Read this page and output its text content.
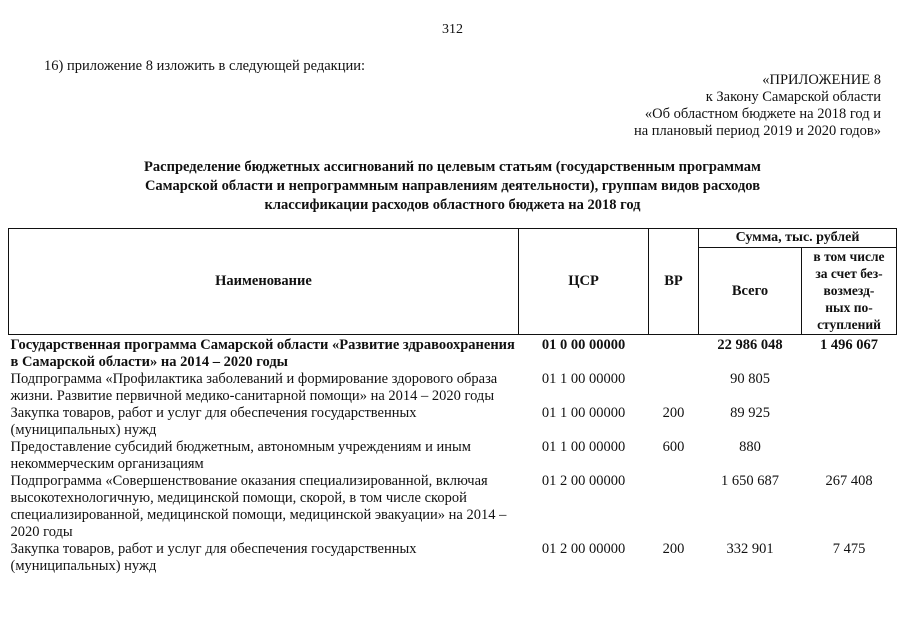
312
16) приложение 8 изложить в следующей редакции:
«ПРИЛОЖЕНИЕ 8
к Закону Самарской области
«Об областном бюджете на 2018 год и
на плановый период 2019 и 2020 годов»
Распределение бюджетных ассигнований по целевым статьям (государственным программам
Самарской области и непрограммным направлениям деятельности), группам видов расходов
классификации расходов областного бюджета на 2018 год
Наименование	ЦСР	ВР	Сумма, тыс. рублей	
			Всего	в том числе
за счет без-
возмезд-
ных по-
ступлений

Государственная программа Самарской области «Развитие здравоохранения в Самарской области» на 2014 – 2020 годы	01 0 00 00000		22 986 048	1 496 067
Подпрограмма «Профилактика заболеваний и формирование здорового образа жизни. Развитие первичной медико-санитарной помощи» на 2014 – 2020 годы	01 1 00 00000		90 805	
Закупка товаров, работ и услуг для обеспечения государственных (муниципальных) нужд	01 1 00 00000	200	89 925	
Предоставление субсидий бюджетным, автономным учреждениям и иным некоммерческим организациям	01 1 00 00000	600	880	
Подпрограмма «Совершенствование оказания специализированной, включая высокотехнологичную, медицинской помощи, скорой, в том числе скорой специализированной, медицинской помощи, медицинской эвакуации» на 2014 – 2020 годы	01 2 00 00000		1 650 687	267 408
Закупка товаров, работ и услуг для обеспечения государственных (муниципальных) нужд	01 2 00 00000	200	332 901	7 475
